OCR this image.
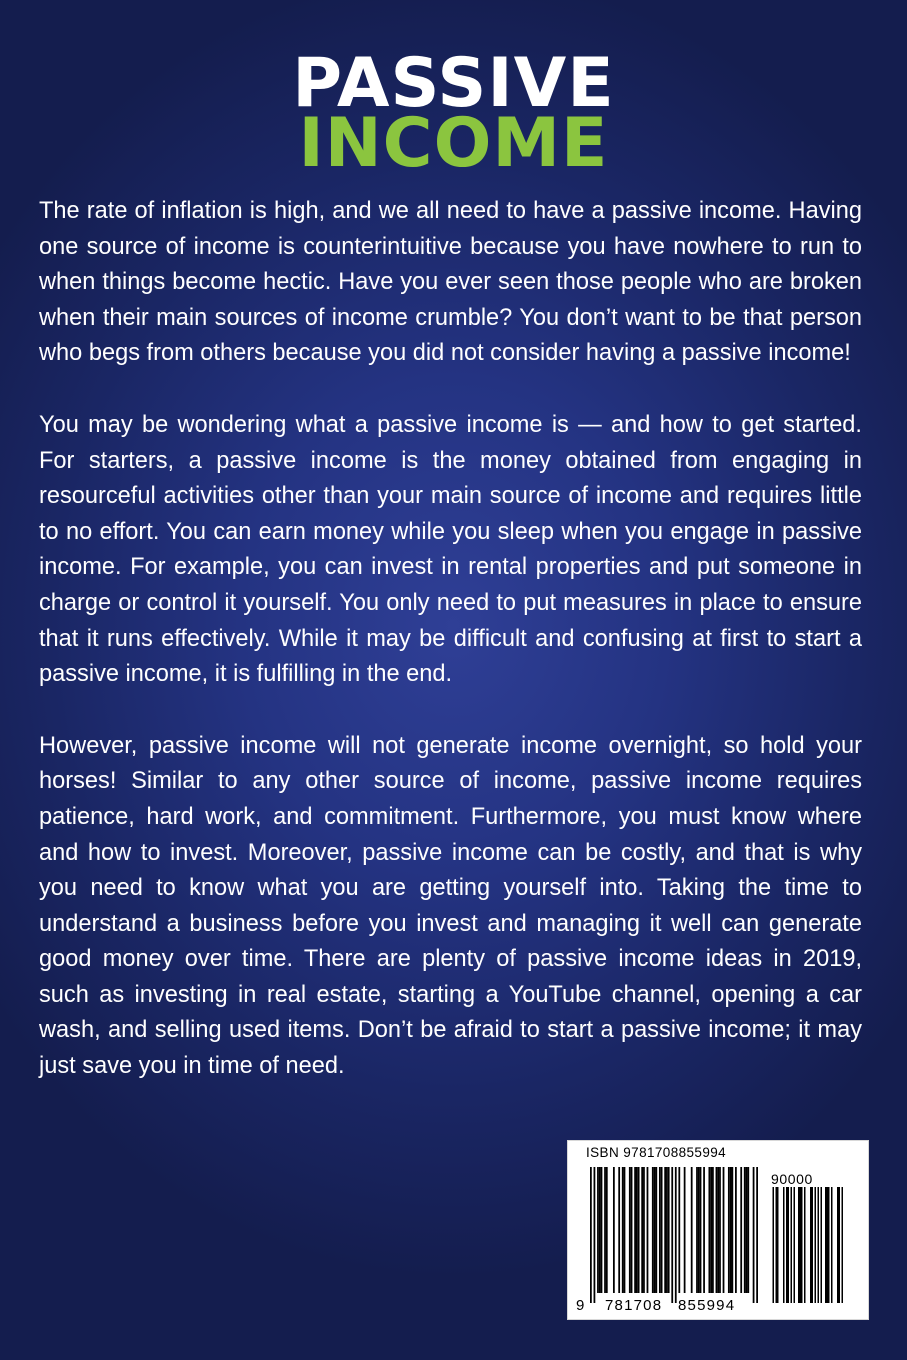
PASSIVE
INCOME

The rate of inflation is high, and we all need to have a passive income. Having one source of income is counterintuitive because you have nowhere to run to when things become hectic. Have you ever seen those people who are broken when their main sources of income crumble? You don’t want to be that person who begs from others because you did not consider having a passive income!

You may be wondering what a passive income is — and how to get started. For starters, a passive income is the money obtained from engaging in resourceful activities other than your main source of income and requires little to no effort. You can earn money while you sleep when you engage in passive income. For example, you can invest in rental properties and put someone in charge or control it yourself. You only need to put measures in place to ensure that it runs effectively. While it may be difficult and confusing at first to start a passive income, it is fulfilling in the end.

However, passive income will not generate income overnight, so hold your horses! Similar to any other source of income, passive income requires patience, hard work, and commitment. Furthermore, you must know where and how to invest. Moreover, passive income can be costly, and that is why you need to know what you are getting yourself into. Taking the time to understand a business before you invest and managing it well can generate good money over time. There are plenty of passive income ideas in 2019, such as investing in real estate, starting a YouTube channel, opening a car wash, and selling used items. Don’t be afraid to start a passive income; it may just save you in time of need.

ISBN 9781708855994
90000
9 781708 855994
